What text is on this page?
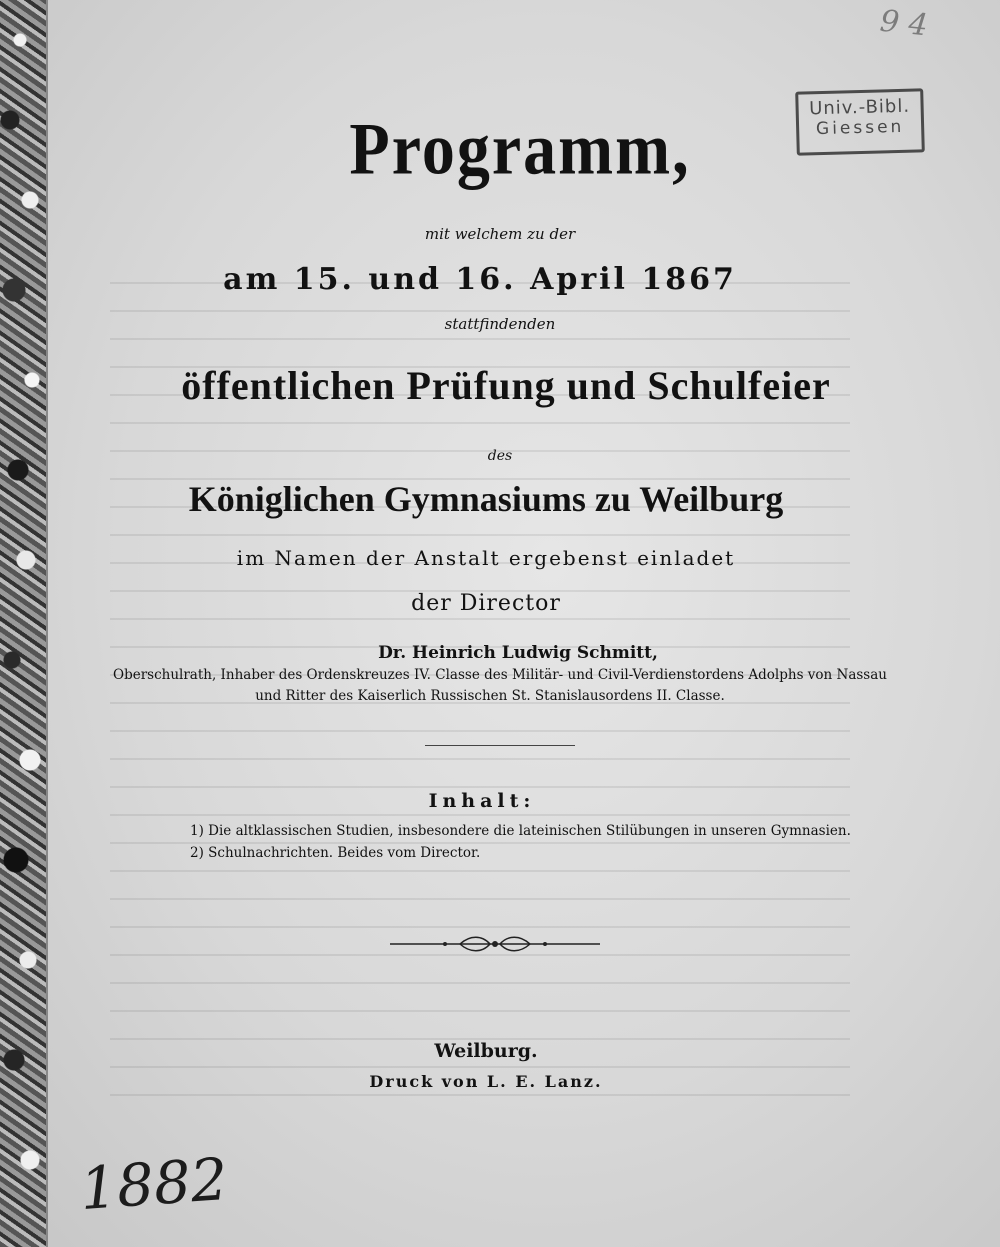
9 4
Univ.-Bibl.
Giessen

Programm,

mit welchem zu der

am 15. und 16. April 1867

stattfindenden

öffentlichen Prüfung und Schulfeier

des

Königlichen Gymnasiums zu Weilburg

im Namen der Anstalt ergebenst einladet

der Director

Dr. Heinrich Ludwig Schmitt,

Oberschulrath, Inhaber des Ordenskreuzes IV. Classe des Militär- und Civil-Verdienstordens Adolphs von Nassau

und Ritter des Kaiserlich Russischen St. Stanislausordens II. Classe.

Inhalt:

1) Die altklassischen Studien, insbesondere die lateinischen Stilübungen in unseren Gymnasien.

2) Schulnachrichten. Beides vom Director.

Weilburg.

Druck von L. E. Lanz.

1882
